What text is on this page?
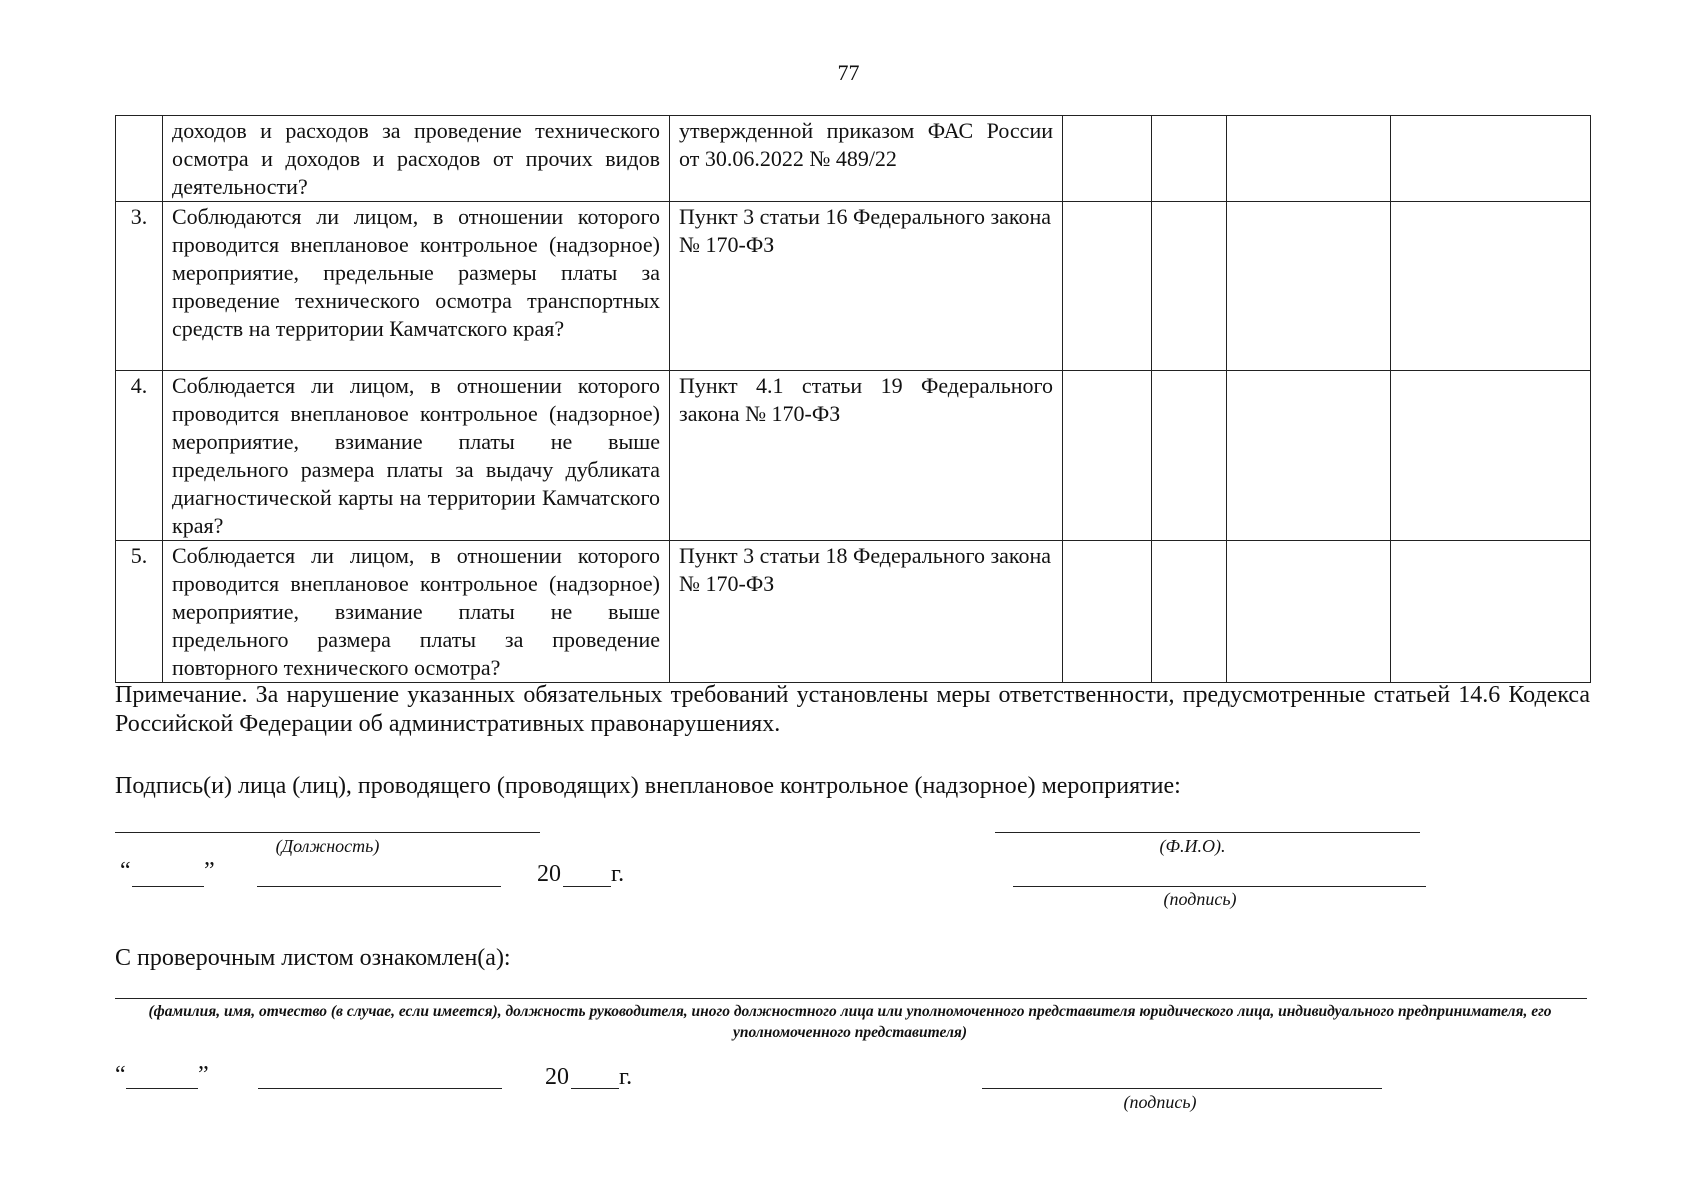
77
	доходов и расходов за проведение технического осмотра и доходов и расходов от прочих видов деятельности?	утвержденной приказом ФАС России от 30.06.2022 № 489/22				
3.	Соблюдаются ли лицом, в отношении которого проводится внеплановое контрольное (надзорное) мероприятие, предельные размеры платы за проведение технического осмотра транспортных средств на территории Камчатского края?	Пункт 3 статьи 16 Федерального закона
№ 170-ФЗ				
4.	Соблюдается ли лицом, в отношении которого проводится внеплановое контрольное (надзорное) мероприятие, взимание платы не выше предельного размера платы за выдачу дубликата диагностической карты на территории Камчатского края?	Пункт 4.1 статьи 19 Федерального закона № 170-ФЗ				
5.	Соблюдается ли лицом, в отношении которого проводится внеплановое контрольное (надзорное) мероприятие, взимание платы не выше предельного размера платы за проведение повторного технического осмотра?	Пункт 3 статьи 18 Федерального закона
№ 170-ФЗ				
Примечание. За нарушение указанных обязательных требований установлены меры ответственности, предусмотренные статьей 14.6 Кодекса Российской Федерации об административных правонарушениях.
Подпись(и) лица (лиц), проводящего (проводящих) внеплановое контрольное (надзорное) мероприятие:
(Должность)	(Ф.И.О).
“	”	20 г.
(подпись)
С проверочным листом ознакомлен(а):
(фамилия, имя, отчество (в случае, если имеется), должность руководителя, иного должностного лица или уполномоченного представителя юридического лица, индивидуального предпринимателя, его уполномоченного представителя)
“	”	20 г.
(подпись)
